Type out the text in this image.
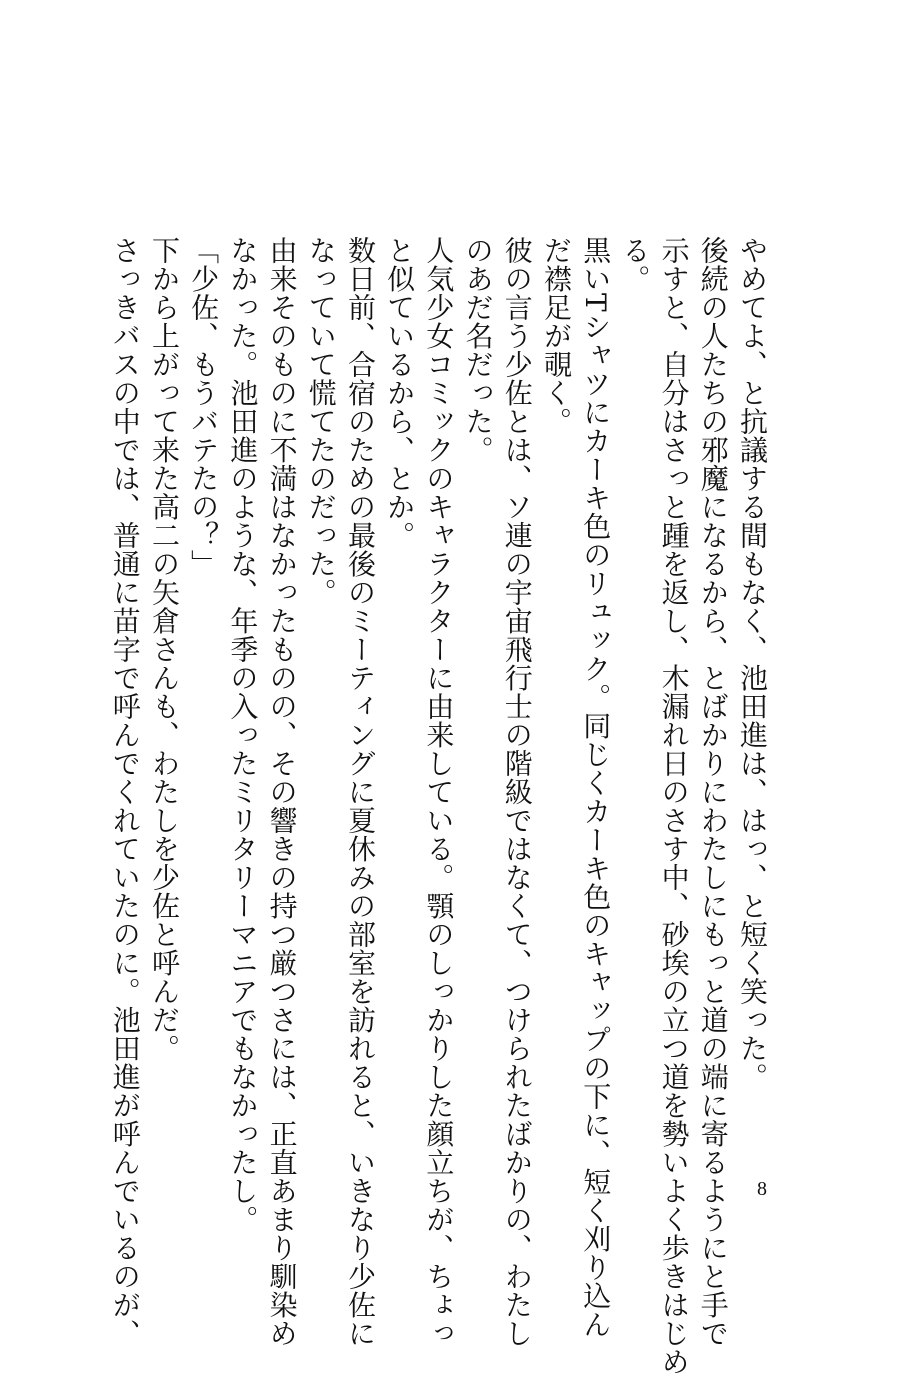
やめてよ、と抗議する間もなく、池田進は、はっ、と短く笑った。
後続の人たちの邪魔になるから、とばかりにわたしにもっと道の端に寄るようにと手で
示すと、自分はさっと踵を返し、木漏れ日のさす中、砂埃の立つ道を勢いよく歩きはじめ
る。
黒いTシャツにカーキ色のリュック。同じくカーキ色のキャップの下に、短く刈り込ん
だ襟足が覗く。
彼の言う少佐とは、ソ連の宇宙飛行士の階級ではなくて、つけられたばかりの、わたし
のあだ名だった。
人気少女コミックのキャラクターに由来している。顎のしっかりした顔立ちが、ちょっ
と似ているから、とか。
数日前、合宿のための最後のミーティングに夏休みの部室を訪れると、いきなり少佐に
なっていて慌てたのだった。
由来そのものに不満はなかったものの、その響きの持つ厳つさには、正直あまり馴染め
なかった。池田進のような、年季の入ったミリタリーマニアでもなかったし。
「少佐、もうバテたの？」
下から上がって来た高二の矢倉さんも、わたしを少佐と呼んだ。
さっきバスの中では、普通に苗字で呼んでくれていたのに。池田進が呼んでいるのが、	8
